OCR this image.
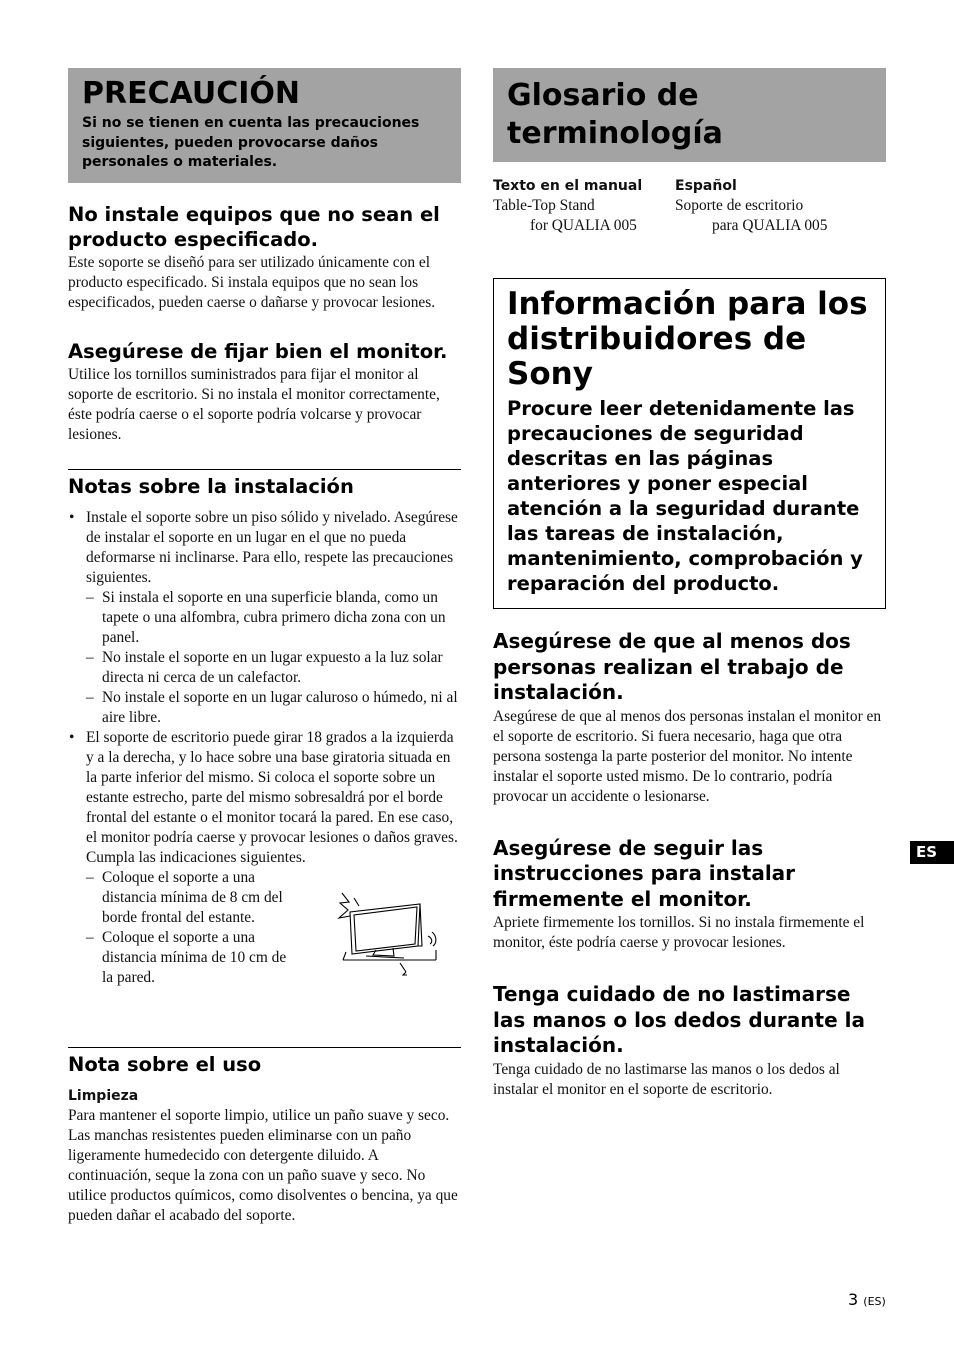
PRECAUCIÓN
Si no se tienen en cuenta las precauciones siguientes, pueden provocarse daños personales o materiales.
No instale equipos que no sean el producto especificado.

Este soporte se diseñó para ser utilizado únicamente con el producto especificado. Si instala equipos que no sean los especificados, pueden caerse o dañarse y provocar lesiones.

Asegúrese de fijar bien el monitor.

Utilice los tornillos suministrados para fijar el monitor al soporte de escritorio. Si no instala el monitor correctamente, éste podría caerse o el soporte podría volcarse y provocar lesiones.

Notas sobre la instalación
• Instale el soporte sobre un piso sólido y nivelado. Asegúrese de instalar el soporte en un lugar en el que no pueda deformarse ni inclinarse. Para ello, respete las precauciones siguientes.
– Si instala el soporte en una superficie blanda, como un tapete o una alfombra, cubra primero dicha zona con un panel.
– No instale el soporte en un lugar expuesto a la luz solar directa ni cerca de un calefactor.
– No instale el soporte en un lugar caluroso o húmedo, ni al aire libre.
• El soporte de escritorio puede girar 18 grados a la izquierda y a la derecha, y lo hace sobre una base giratoria situada en la parte inferior del mismo. Si coloca el soporte sobre un estante estrecho, parte del mismo sobresaldrá por el borde frontal del estante o el monitor tocará la pared. En ese caso, el monitor podría caerse y provocar lesiones o daños graves. Cumpla las indicaciones siguientes.
– Coloque el soporte a una distancia mínima de 8 cm del borde frontal del estante.
– Coloque el soporte a una distancia mínima de 10 cm de la pared.
Nota sobre el uso
Limpieza

Para mantener el soporte limpio, utilice un paño suave y seco. Las manchas resistentes pueden eliminarse con un paño ligeramente humedecido con detergente diluido. A continuación, seque la zona con un paño suave y seco. No utilice productos químicos, como disolventes o bencina, ya que pueden dañar el acabado del soporte.

Glosario de terminología
Texto en el manual
Table-Top Stand
for QUALIA 005
Español
Soporte de escritorio
para QUALIA 005
Información para los distribuidores de Sony
Procure leer detenidamente las precauciones de seguridad descritas en las páginas anteriores y poner especial atención a la seguridad durante las tareas de instalación, mantenimiento, comprobación y reparación del producto.
Asegúrese de que al menos dos personas realizan el trabajo de instalación.

Asegúrese de que al menos dos personas instalan el monitor en el soporte de escritorio. Si fuera necesario, haga que otra persona sostenga la parte posterior del monitor. No intente instalar el soporte usted mismo. De lo contrario, podría provocar un accidente o lesionarse.

Asegúrese de seguir las instrucciones para instalar firmemente el monitor.

Apriete firmemente los tornillos. Si no instala firmemente el monitor, éste podría caerse y provocar lesiones.

Tenga cuidado de no lastimarse las manos o los dedos durante la instalación.

Tenga cuidado de no lastimarse las manos o los dedos al instalar el monitor en el soporte de escritorio.

ES
3 (ES)
